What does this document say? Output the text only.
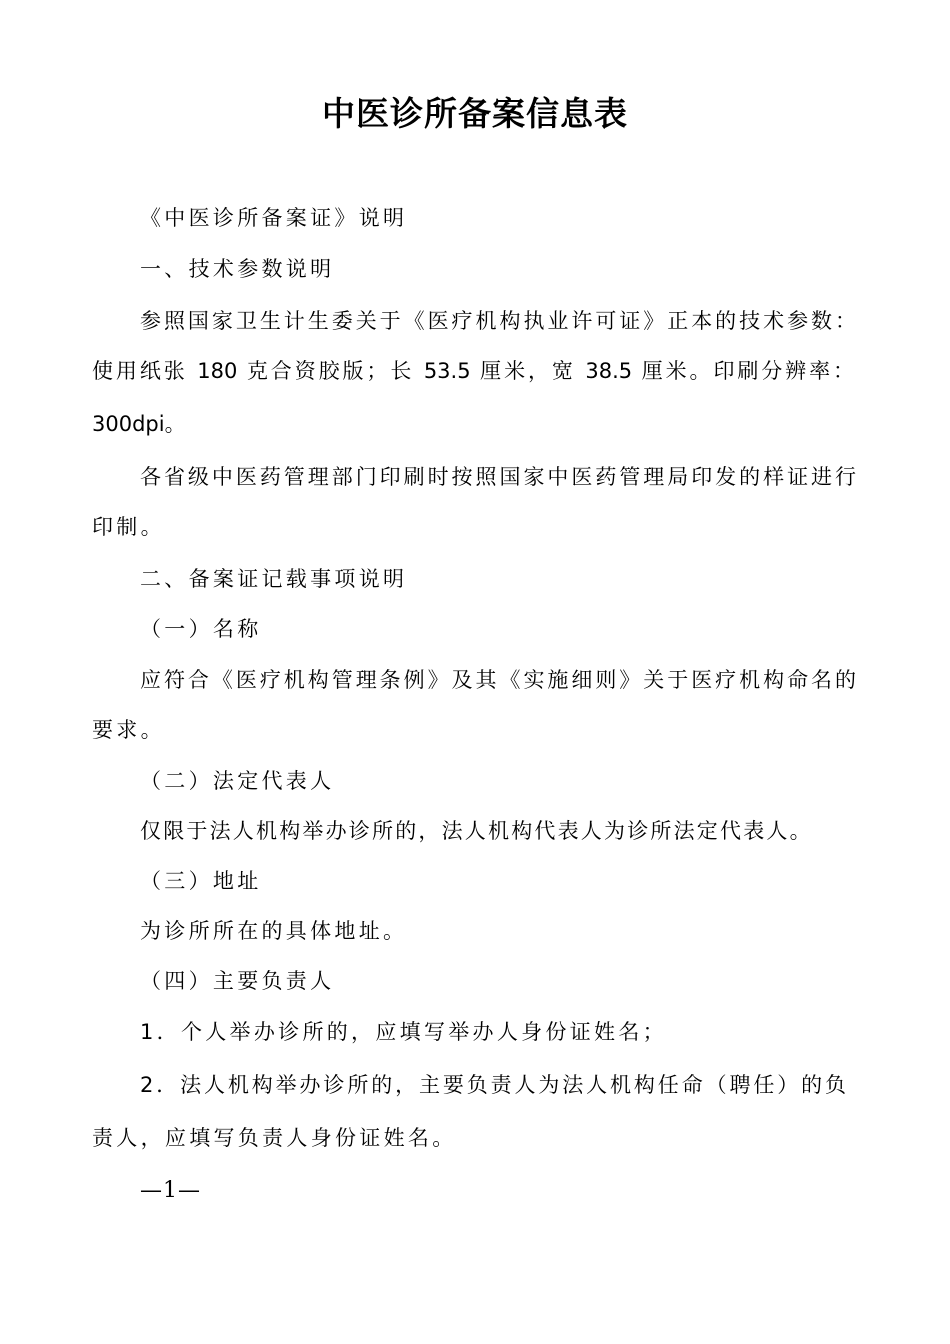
中医诊所备案信息表
《中医诊所备案证》说明
一、技术参数说明
参照国家卫生计生委关于《医疗机构执业许可证》正本的技术参数：
使用纸张 180 克合资胶版；长 53.5 厘米，宽 38.5 厘米。印刷分辨率：
300dpi。
各省级中医药管理部门印刷时按照国家中医药管理局印发的样证进行
印制。
二、备案证记载事项说明
（一）名称
应符合《医疗机构管理条例》及其《实施细则》关于医疗机构命名的
要求。
（二）法定代表人
仅限于法人机构举办诊所的，法人机构代表人为诊所法定代表人。
（三）地址
为诊所所在的具体地址。
（四）主要负责人
1．个人举办诊所的，应填写举办人身份证姓名；
2．法人机构举办诊所的，主要负责人为法人机构任命（聘任）的负
责人，应填写负责人身份证姓名。
—1—
